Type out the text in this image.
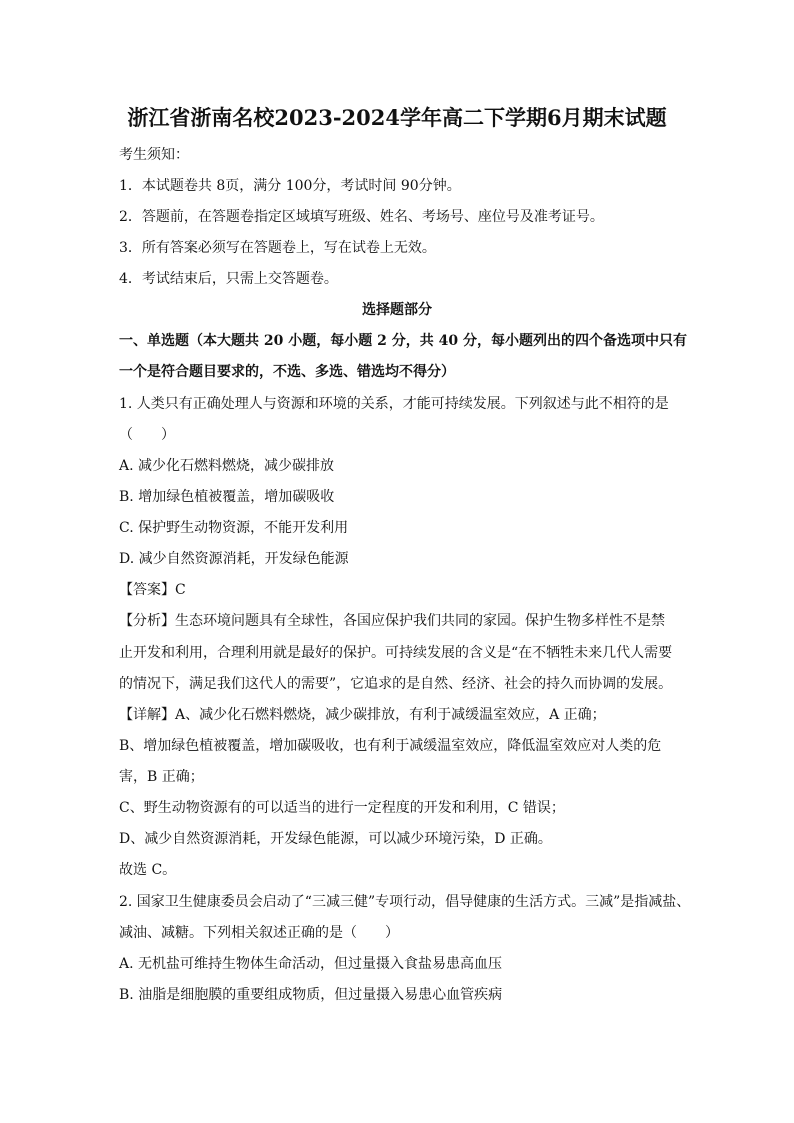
浙江省浙南名校2023-2024学年高二下学期6月期末试题
考生须知：
1．本试题卷共 8页，满分 100分，考试时间 90分钟。
2．答题前，在答题卷指定区域填写班级、姓名、考场号、座位号及准考证号。
3．所有答案必须写在答题卷上，写在试卷上无效。
4．考试结束后，只需上交答题卷。
选择题部分
一、单选题（本大题共 20 小题，每小题 2 分，共 40 分，每小题列出的四个备选项中只有
一个是符合题目要求的，不选、多选、错选均不得分）
1. 人类只有正确处理人与资源和环境的关系，才能可持续发展。下列叙述与此不相符的是
（　　）
A. 减少化石燃料燃烧，减少碳排放
B. 增加绿色植被覆盖，增加碳吸收
C. 保护野生动物资源，不能开发利用
D. 减少自然资源消耗，开发绿色能源
【答案】C
【分析】生态环境问题具有全球性，各国应保护我们共同的家园。保护生物多样性不是禁
止开发和利用，合理利用就是最好的保护。可持续发展的含义是“在不牺牲未来几代人需要
的情况下，满足我们这代人的需要”，它追求的是自然、经济、社会的持久而协调的发展。
【详解】A、减少化石燃料燃烧，减少碳排放，有利于减缓温室效应，A 正确；
B、增加绿色植被覆盖，增加碳吸收，也有利于减缓温室效应，降低温室效应对人类的危
害，B 正确；
C、野生动物资源有的可以适当的进行一定程度的开发和利用，C 错误；
D、减少自然资源消耗，开发绿色能源，可以减少环境污染，D 正确。
故选 C。
2. 国家卫生健康委员会启动了“三减三健”专项行动，倡导健康的生活方式。三减”是指减盐、
减油、减糖。下列相关叙述正确的是（　　）
A. 无机盐可维持生物体生命活动，但过量摄入食盐易患高血压
B. 油脂是细胞膜的重要组成物质，但过量摄入易患心血管疾病
